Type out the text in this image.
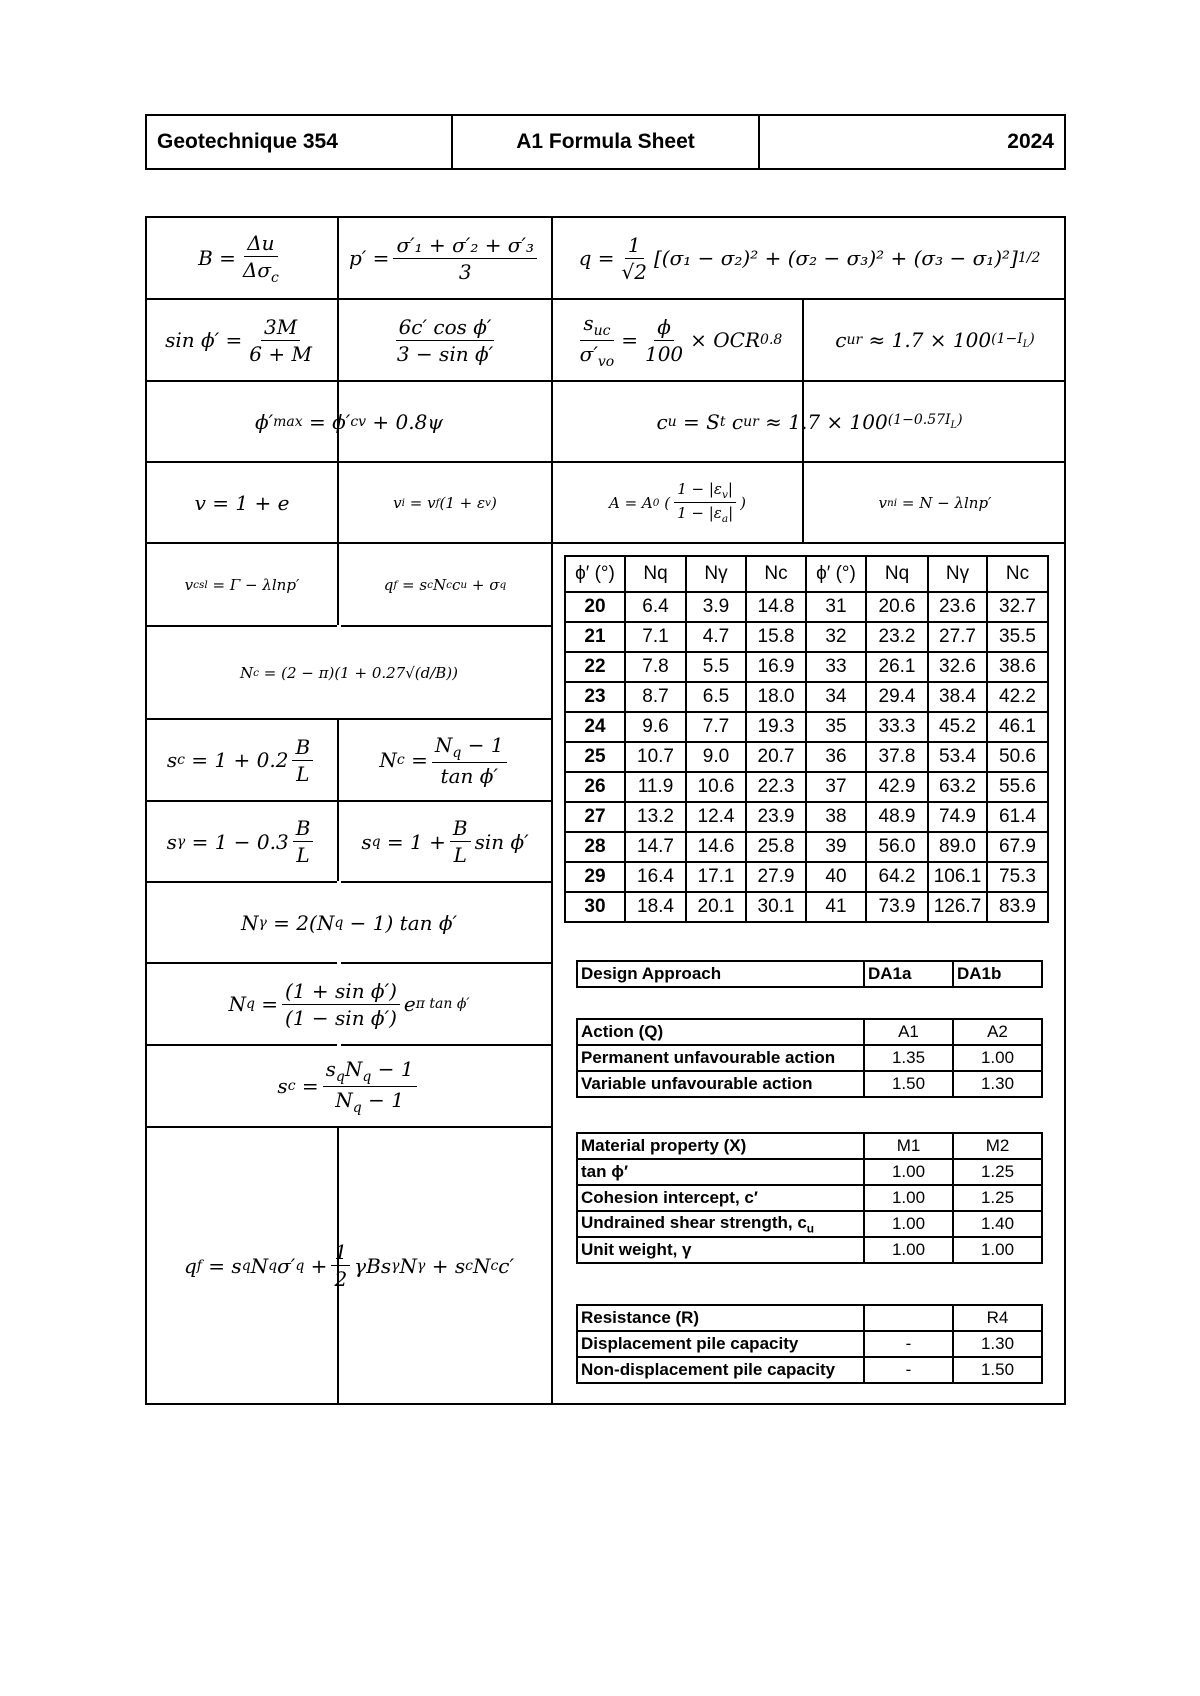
Geotechnique 354	A1 Formula Sheet	2024
B =
Δu
$\Delta\sigma_c$
$p' = \frac{\text{σ′₁ + σ′₂ + σ′₃}}{3}$ $q = \frac{1}{√2} [(\sigma_1 - \sigma_2)^2 + (\sigma_2 - \sigma_3)^2 + (\sigma_3 - \sigma_1)^2]$ 1/2
$\sin \phi' = \frac{3M}{6 + M}$	$\frac{\text{6c′ cos ϕ′}}{\text{3 − sin ϕ′}}$	$s_{uc}$
$\sigma'_{vo}$
= $\frac{\phi}{100}$ × OCR 0.8	c ur ≈ 1.7 × 100 $(1-I_L)$
ϕ′ max = ϕ′ cv + 0.8ψ	c u = S t c ur ≈ 1.7 × 100 $(1-0.57I_L)$
v = 1 + e	v i = v f (1 + ε v )	A = A 0 (
$1 - |\varepsilon_v|$
$1 - |\varepsilon_a|$
)	v ni = N − λlnp′
v csl = Γ − λlnp′	q f = s c N c c u + σ q
N c = (2 − π)(1 + 0.27√(d/B))
s c = 1 + 0.2
B
L
N c =
$N_q - 1$
tan ϕ′
s γ = 1 − 0.3
B
L
s q = 1 +
B
L
sin ϕ′
N γ = 2(N q − 1) tan ϕ′
N q =
(1 + sin ϕ′)
(1 − sin ϕ′)
e π tan ϕ′
s c =
$s_qN_q - 1$
$N_q - 1$
q f = s q N q σ′ q +
1
2
γBs γ N γ + s c N c c′
ϕ′ (°)	Nq	Nγ	Nc	ϕ′ (°)	Nq	Nγ	Nc
20	6.4	3.9	14.8	31	20.6	23.6	32.7
21	7.1	4.7	15.8	32	23.2	27.7	35.5
22	7.8	5.5	16.9	33	26.1	32.6	38.6
23	8.7	6.5	18.0	34	29.4	38.4	42.2
24	9.6	7.7	19.3	35	33.3	45.2	46.1
25	10.7	9.0	20.7	36	37.8	53.4	50.6
26	11.9	10.6	22.3	37	42.9	63.2	55.6
27	13.2	12.4	23.9	38	48.9	74.9	61.4
28	14.7	14.6	25.8	39	56.0	89.0	67.9
29	16.4	17.1	27.9	40	64.2	106.1	75.3
30	18.4	20.1	30.1	41	73.9	126.7	83.9
Design Approach	DA1a	DA1b
Action (Q)	A1	A2
Permanent unfavourable action	1.35	1.00
Variable unfavourable action	1.50	1.30
Material property (X)	M1	M2
tan ϕ′	1.00	1.25
Cohesion intercept, c′	1.00	1.25
Undrained shear strength, $c_u$	1.00	1.40
Unit weight, γ	1.00	1.00
Resistance (R)		R4
Displacement pile capacity	-	1.30
Non-displacement pile capacity	-	1.50
